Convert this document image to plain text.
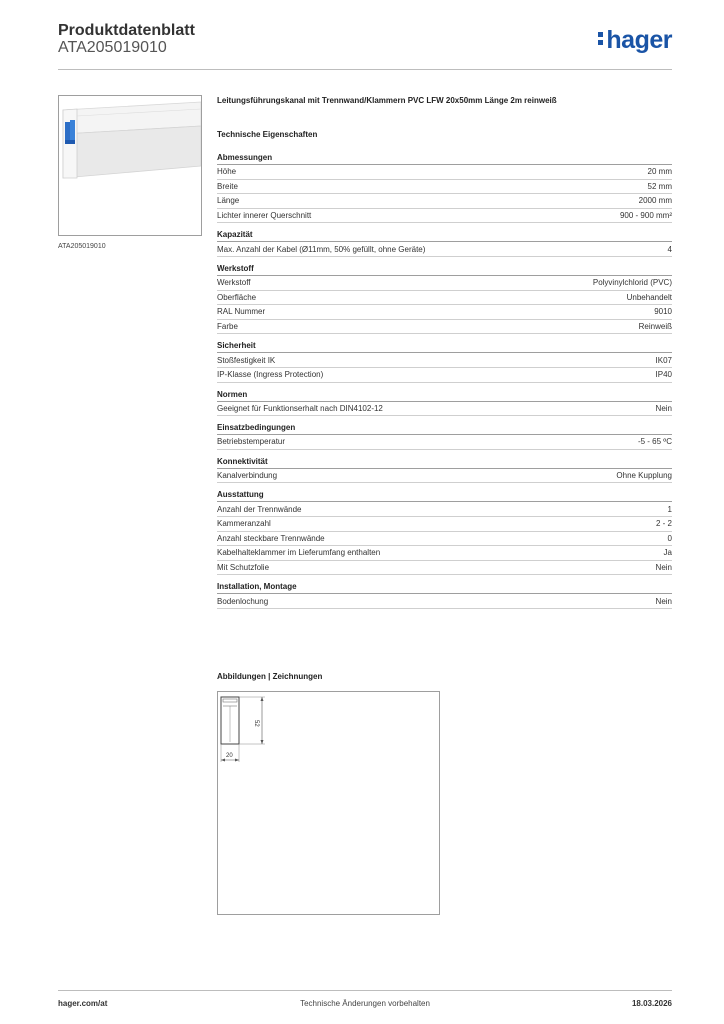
Produktdatenblatt
ATA205019010	hager
ATA205019010
Leitungsführungskanal mit Trennwand/Klammern PVC LFW 20x50mm Länge 2m reinweiß
Technische Eigenschaften
Abmessungen
Höhe	20 mm
Breite	52 mm
Länge	2000 mm
Lichter innerer Querschnitt	900 - 900 mm²
Kapazität
Max. Anzahl der Kabel (Ø11mm, 50% gefüllt, ohne Geräte)	4
Werkstoff
Werkstoff	Polyvinylchlorid (PVC)
Oberfläche	Unbehandelt
RAL Nummer	9010
Farbe	Reinweiß
Sicherheit
Stoßfestigkeit IK	IK07
IP-Klasse (Ingress Protection)	IP40
Normen
Geeignet für Funktionserhalt nach DIN4102-12	Nein
Einsatzbedingungen
Betriebstemperatur	-5 - 65 ºC
Konnektivität
Kanalverbindung	Ohne Kupplung
Ausstattung
Anzahl der Trennwände	1
Kammeranzahl	2 - 2
Anzahl steckbare Trennwände	0
Kabelhalteklammer im Lieferumfang enthalten	Ja
Mit Schutzfolie	Nein
Installation, Montage
Bodenlochung	Nein
Abbildungen | Zeichnungen
52
20
hager.com/at	Technische Änderungen vorbehalten	18.03.2026
